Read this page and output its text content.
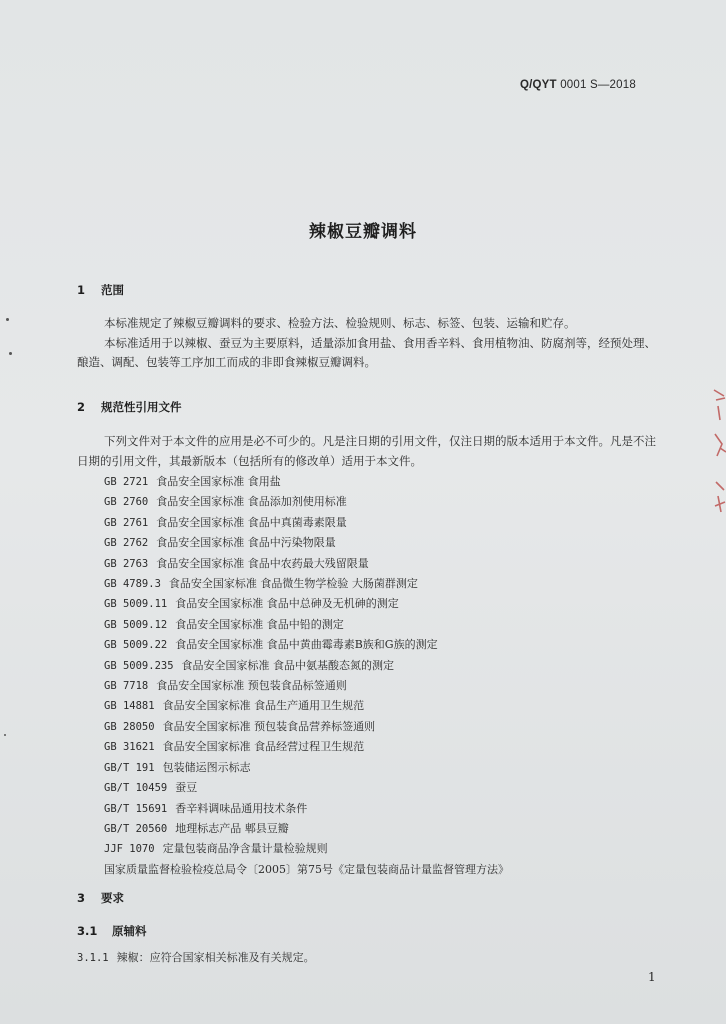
Q/QYT 0001 S—2018
辣椒豆瓣调料
1 范围

本标准规定了辣椒豆瓣调料的要求、检验方法、检验规则、标志、标签、包装、运输和贮存。

本标准适用于以辣椒、蚕豆为主要原料，适量添加食用盐、食用香辛料、食用植物油、防腐剂等，经预处理、酿造、调配、包装等工序加工而成的非即食辣椒豆瓣调料。

2 规范性引用文件

下列文件对于本文件的应用是必不可少的。凡是注日期的引用文件，仅注日期的版本适用于本文件。凡是不注日期的引用文件，其最新版本（包括所有的修改单）适用于本文件。

GB 2721 食品安全国家标准 食用盐
GB 2760 食品安全国家标准 食品添加剂使用标准
GB 2761 食品安全国家标准 食品中真菌毒素限量
GB 2762 食品安全国家标准 食品中污染物限量
GB 2763 食品安全国家标准 食品中农药最大残留限量
GB 4789.3 食品安全国家标准 食品微生物学检验 大肠菌群测定
GB 5009.11 食品安全国家标准 食品中总砷及无机砷的测定
GB 5009.12 食品安全国家标准 食品中铅的测定
GB 5009.22 食品安全国家标准 食品中黄曲霉毒素B族和G族的测定
GB 5009.235 食品安全国家标准 食品中氨基酸态氮的测定
GB 7718 食品安全国家标准 预包装食品标签通则
GB 14881 食品安全国家标准 食品生产通用卫生规范
GB 28050 食品安全国家标准 预包装食品营养标签通则
GB 31621 食品安全国家标准 食品经营过程卫生规范
GB/T 191 包装储运图示标志
GB/T 10459 蚕豆
GB/T 15691 香辛料调味品通用技术条件
GB/T 20560 地理标志产品 郫县豆瓣
JJF 1070 定量包装商品净含量计量检验规则
国家质量监督检验检疫总局令〔2005〕第75号《定量包装商品计量监督管理方法》
3 要求
3.1 原辅料
3.1.1 辣椒：应符合国家相关标准及有关规定。
1
